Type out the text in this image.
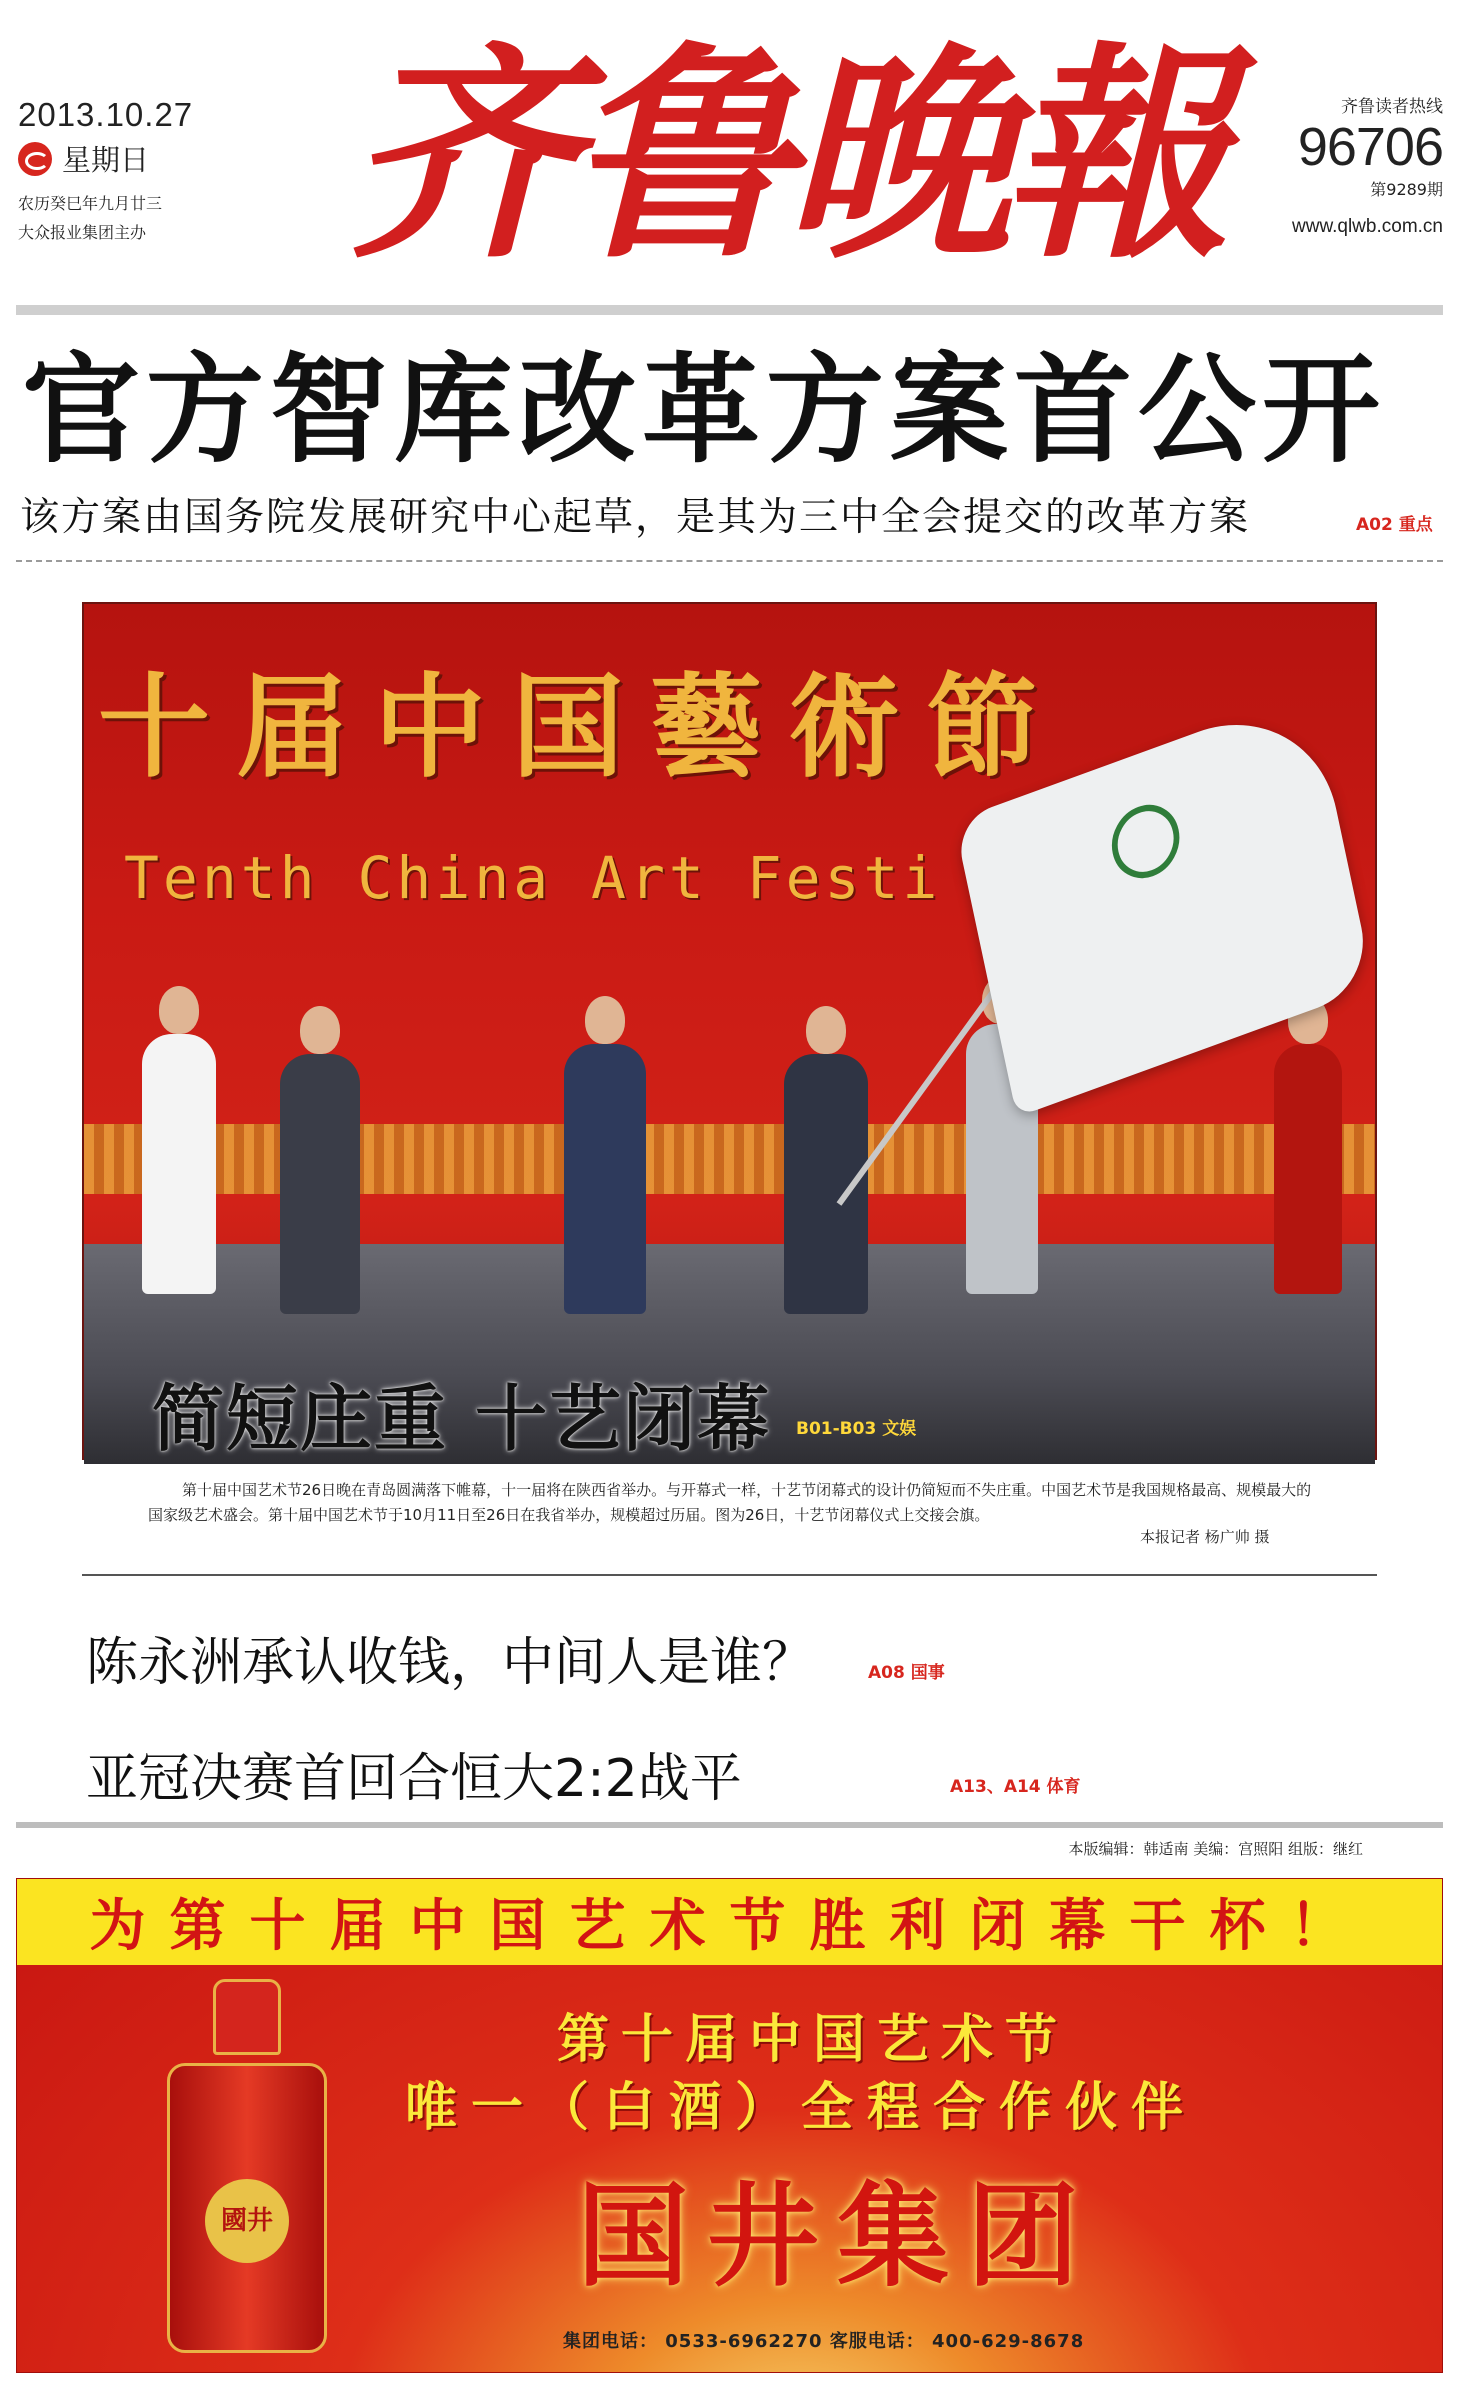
2013.10.27
星期日
农历癸巳年九月廿三
大众报业集团主办 齐鲁晚報	齐鲁读者热线
96706
第9289期
www.qlwb.com.cn
官方智库改革方案首公开
该方案由国务院发展研究中心起草，是其为三中全会提交的改革方案	A02 重点
十届中国藝術節
Tenth China Art Festi
简短庄重 十艺闭幕 B01-B03 文娱
第十届中国艺术节26日晚在青岛圆满落下帷幕，十一届将在陕西省举办。与开幕式一样，十艺节闭幕式的设计仍简短而不失庄重。中国艺术节是我国规格最高、规模最大的国家级艺术盛会。第十届中国艺术节于10月11日至26日在我省举办，规模超过历届。图为26日，十艺节闭幕仪式上交接会旗。
本报记者 杨广帅 摄
陈永洲承认收钱，中间人是谁？	A08 国事
亚冠决赛首回合恒大2:2战平	A13、A14 体育
本版编辑：韩适南 美编：宫照阳 组版：继红
为第十届中国艺术节胜利闭幕干杯！
國井
第十届中国艺术节
唯一（白酒）全程合作伙伴
国井集团
集团电话： 0533-6962270 客服电话： 400-629-8678
